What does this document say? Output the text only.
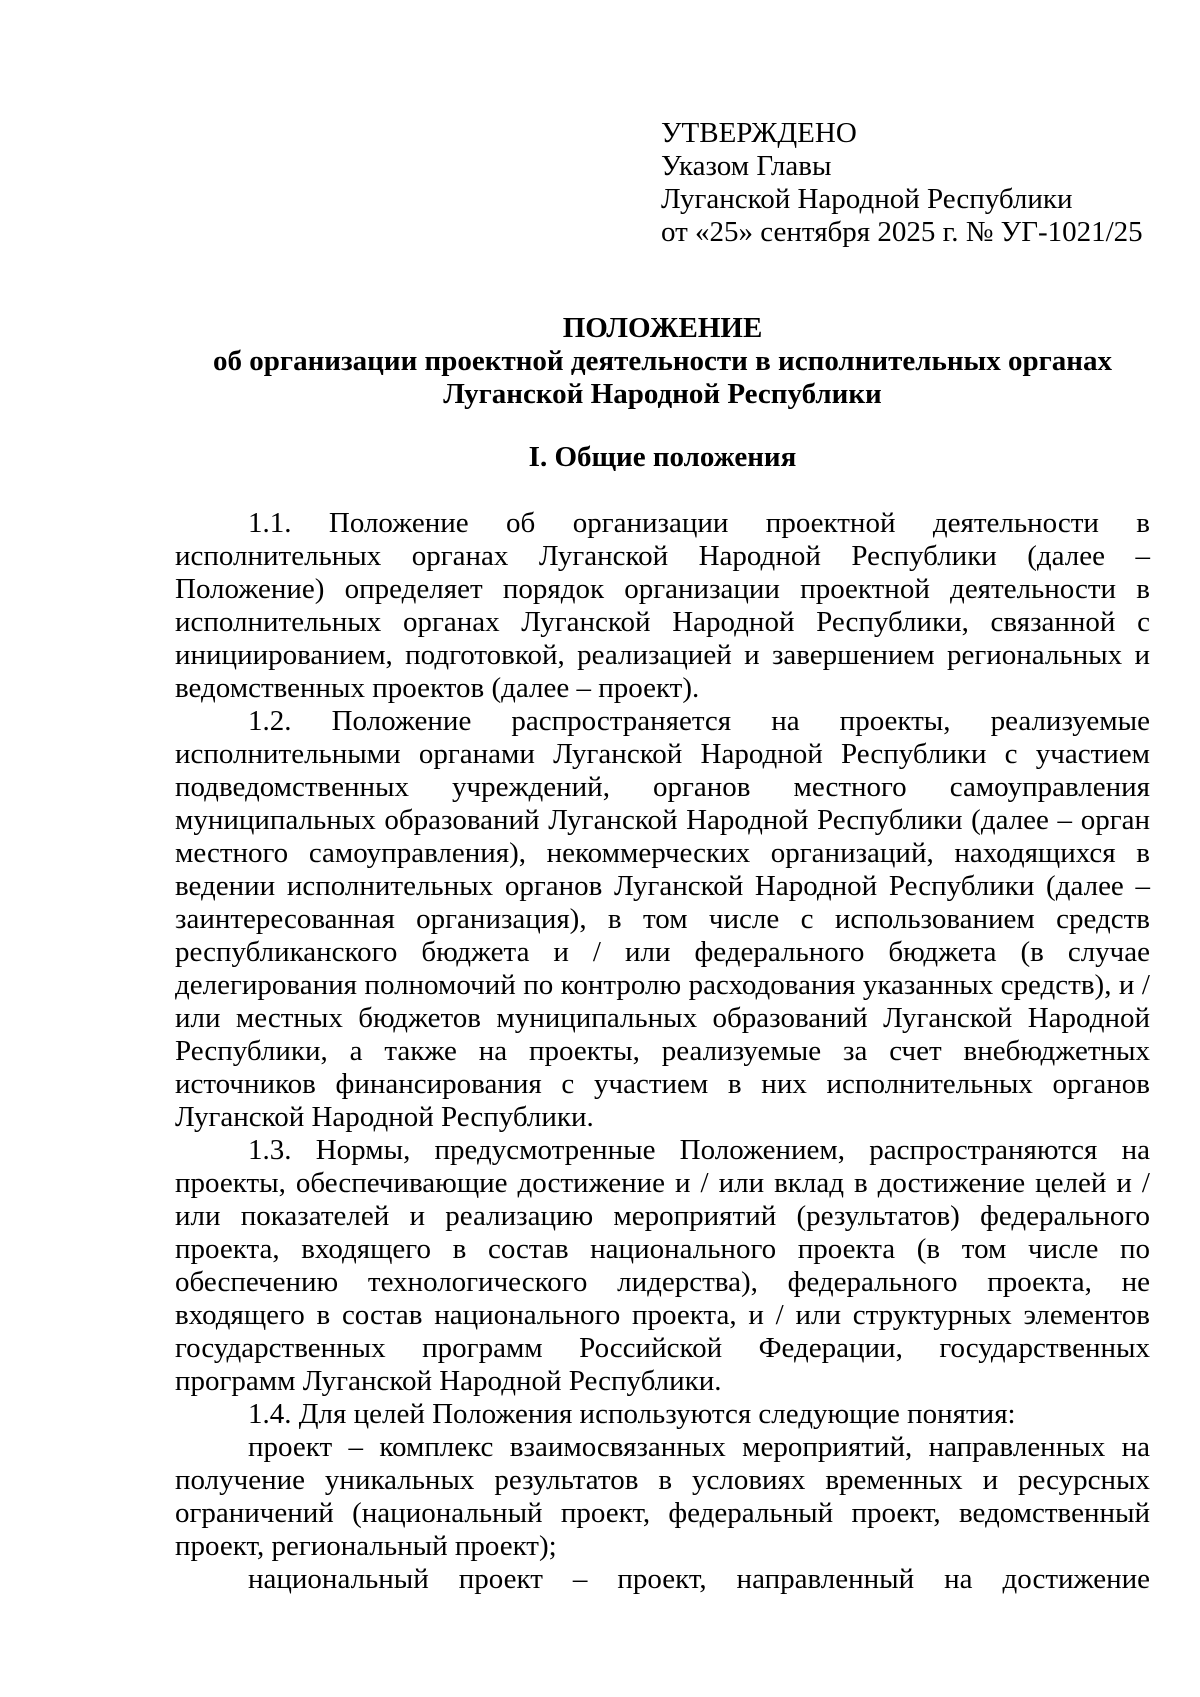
УТВЕРЖДЕНО
Указом Главы
Луганской Народной Республики
от «25» сентября 2025 г. № УГ-1021/25
ПОЛОЖЕНИЕ
об организации проектной деятельности в исполнительных органах
Луганской Народной Республики
I. Общие положения

1.1. Положение об организации проектной деятельности в исполнительных органах Луганской Народной Республики (далее – Положение) определяет порядок организации проектной деятельности в исполнительных органах Луганской Народной Республики, связанной с инициированием, подготовкой, реализацией и завершением региональных и ведомственных проектов (далее – проект).

1.2. Положение распространяется на проекты, реализуемые исполнительными органами Луганской Народной Республики с участием подведомственных учреждений, органов местного самоуправления муниципальных образований Луганской Народной Республики (далее – орган местного самоуправления), некоммерческих организаций, находящихся в ведении исполнительных органов Луганской Народной Республики (далее – заинтересованная организация), в том числе с использованием средств республиканского бюджета и / или федерального бюджета (в случае делегирования полномочий по контролю расходования указанных средств), и / или местных бюджетов муниципальных образований Луганской Народной Республики, а также на проекты, реализуемые за счет внебюджетных источников финансирования с участием в них исполнительных органов Луганской Народной Республики.

1.3. Нормы, предусмотренные Положением, распространяются на проекты, обеспечивающие достижение и / или вклад в достижение целей и / или показателей и реализацию мероприятий (результатов) федерального проекта, входящего в состав национального проекта (в том числе по обеспечению технологического лидерства), федерального проекта, не входящего в состав национального проекта, и / или структурных элементов государственных программ Российской Федерации, государственных программ Луганской Народной Республики.

1.4. Для целей Положения используются следующие понятия:

проект – комплекс взаимосвязанных мероприятий, направленных на получение уникальных результатов в условиях временных и ресурсных ограничений (национальный проект, федеральный проект, ведомственный проект, региональный проект);

национальный проект – проект, направленный на достижение
